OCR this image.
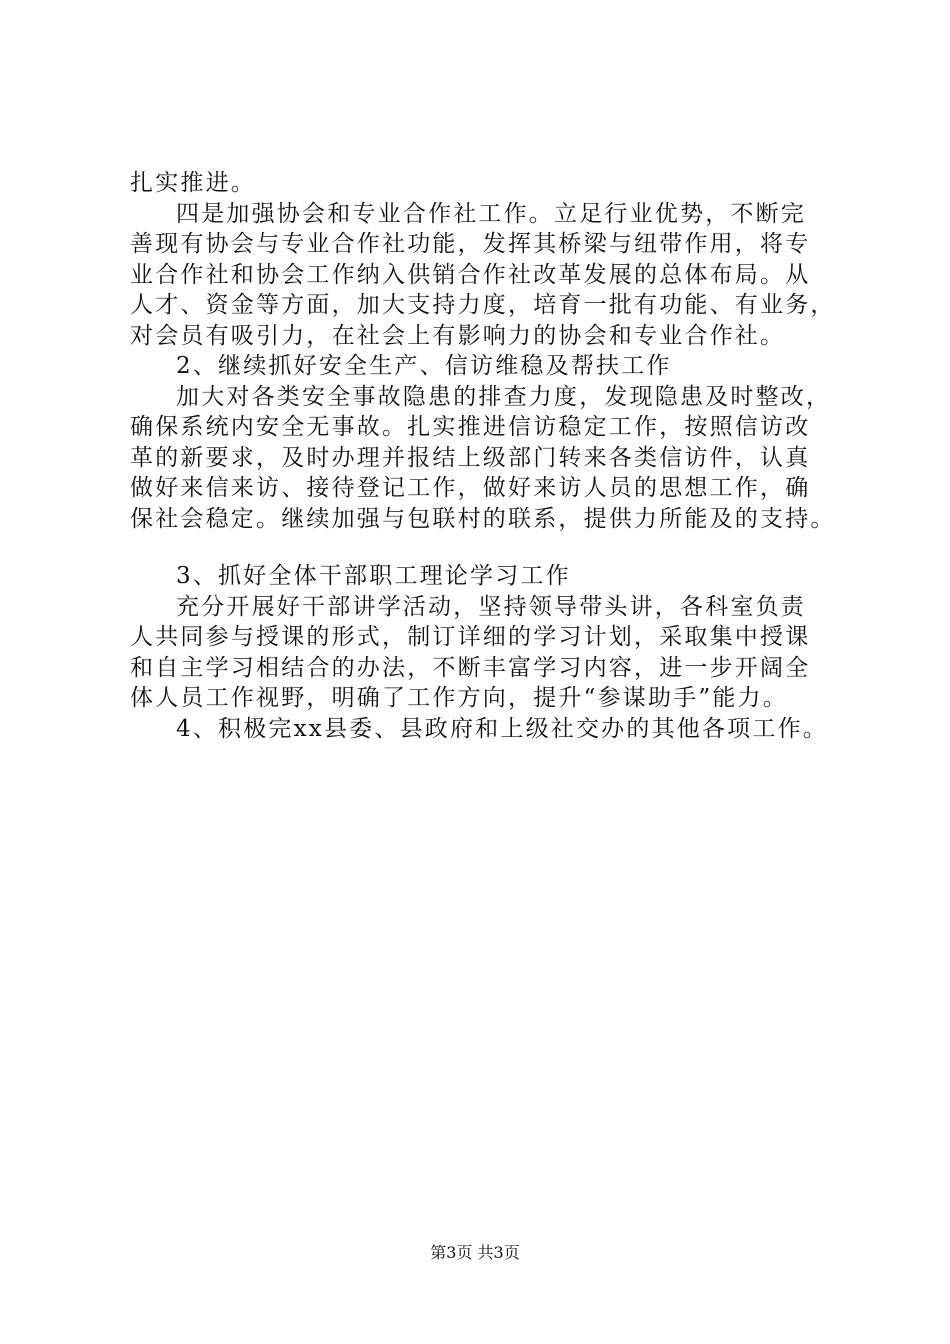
扎实推进。
四是加强协会和专业合作社工作。立足行业优势，不断完
善现有协会与专业合作社功能，发挥其桥梁与纽带作用，将专
业合作社和协会工作纳入供销合作社改革发展的总体布局。从
人才、资金等方面，加大支持力度，培育一批有功能、有业务，
对会员有吸引力，在社会上有影响力的协会和专业合作社。
2、继续抓好安全生产、信访维稳及帮扶工作
加大对各类安全事故隐患的排查力度，发现隐患及时整改，
确保系统内安全无事故。扎实推进信访稳定工作，按照信访改
革的新要求，及时办理并报结上级部门转来各类信访件，认真
做好来信来访、接待登记工作，做好来访人员的思想工作，确
保社会稳定。继续加强与包联村的联系，提供力所能及的支持。
3、抓好全体干部职工理论学习工作
充分开展好干部讲学活动，坚持领导带头讲，各科室负责
人共同参与授课的形式，制订详细的学习计划，采取集中授课
和自主学习相结合的办法，不断丰富学习内容，进一步开阔全
体人员工作视野，明确了工作方向，提升“参谋助手”能力。
4、积极完xx县委、县政府和上级社交办的其他各项工作。
第3页 共3页
